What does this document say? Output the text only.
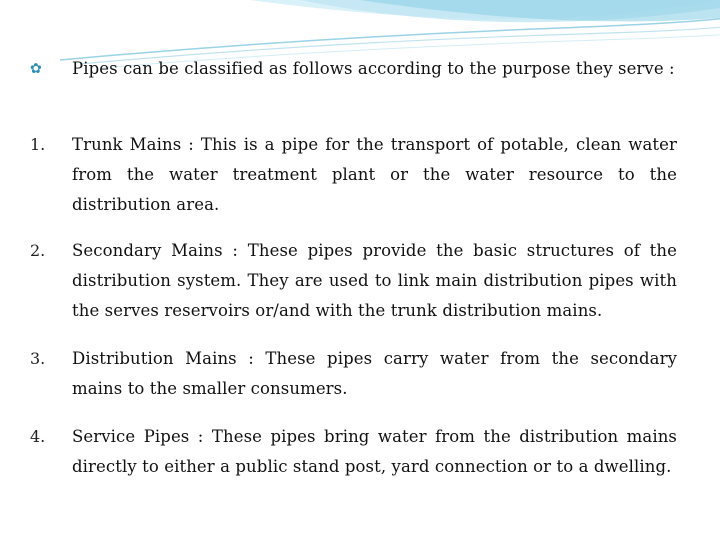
✿ Pipes can be classified as follows according to the purpose they serve :
1. Trunk Mains : This is a pipe for the transport of potable, clean water from the water treatment plant or the water resource to the distribution area.
2. Secondary Mains : These pipes provide the basic structures of the distribution system. They are used to link main distribution pipes with the serves reservoirs or/and with the trunk distribution mains.
3. Distribution Mains : These pipes carry water from the secondary mains to the smaller consumers.
4. Service Pipes : These pipes bring water from the distribution mains directly to either a public stand post, yard connection or to a dwelling.
